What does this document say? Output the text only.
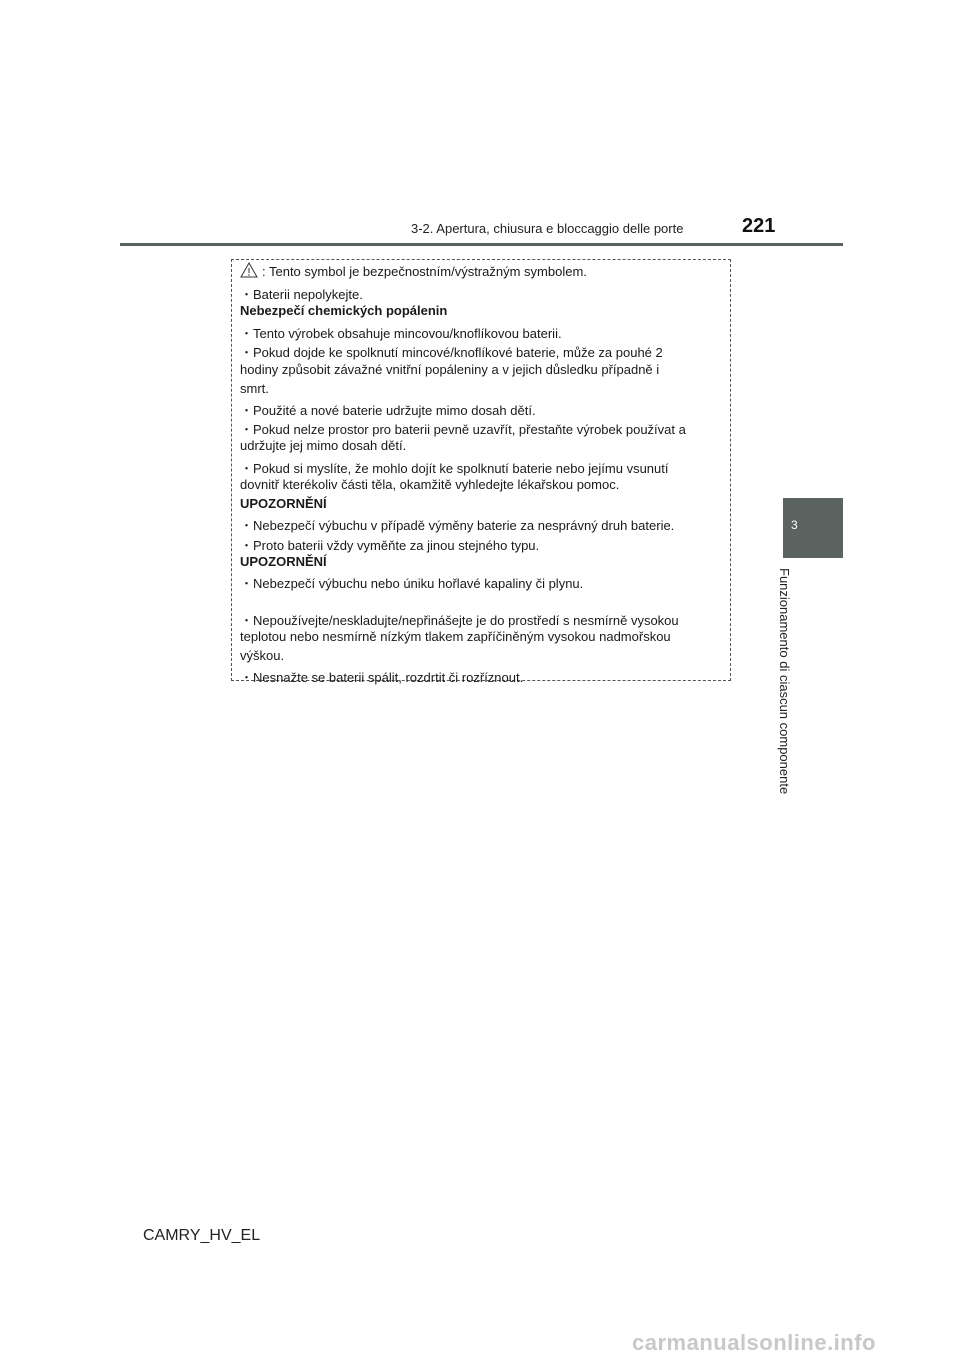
3-2. Apertura, chiusura e bloccaggio delle porte	221
3
Funzionamento di ciascun componente
: Tento symbol je bezpečnostním/výstražným symbolem.
・Baterii nepolykejte.
Nebezpečí chemických popálenin
・Tento výrobek obsahuje mincovou/knoflíkovou baterii.
・Pokud dojde ke spolknutí mincové/knoflíkové baterie, může za pouhé 2
hodiny způsobit závažné vnitřní popáleniny a v jejich důsledku případně i
smrt.
・Použité a nové baterie udržujte mimo dosah dětí.
・Pokud nelze prostor pro baterii pevně uzavřít, přestaňte výrobek používat a
udržujte jej mimo dosah dětí.
・Pokud si myslíte, že mohlo dojít ke spolknutí baterie nebo jejímu vsunutí
dovnitř kterékoliv části těla, okamžitě vyhledejte lékařskou pomoc.
UPOZORNĚNÍ
・Nebezpečí výbuchu v případě výměny baterie za nesprávný druh baterie.
・Proto baterii vždy vyměňte za jinou stejného typu.
UPOZORNĚNÍ
・Nebezpečí výbuchu nebo úniku hořlavé kapaliny či plynu.
・Nepoužívejte/neskladujte/nepřinášejte je do prostředí s nesmírně vysokou
teplotou nebo nesmírně nízkým tlakem zapříčiněným vysokou nadmořskou
výškou.
・Nesnažte se baterii spálit, rozdrtit či rozříznout.
CAMRY_HV_EL
carmanualsonline.info
